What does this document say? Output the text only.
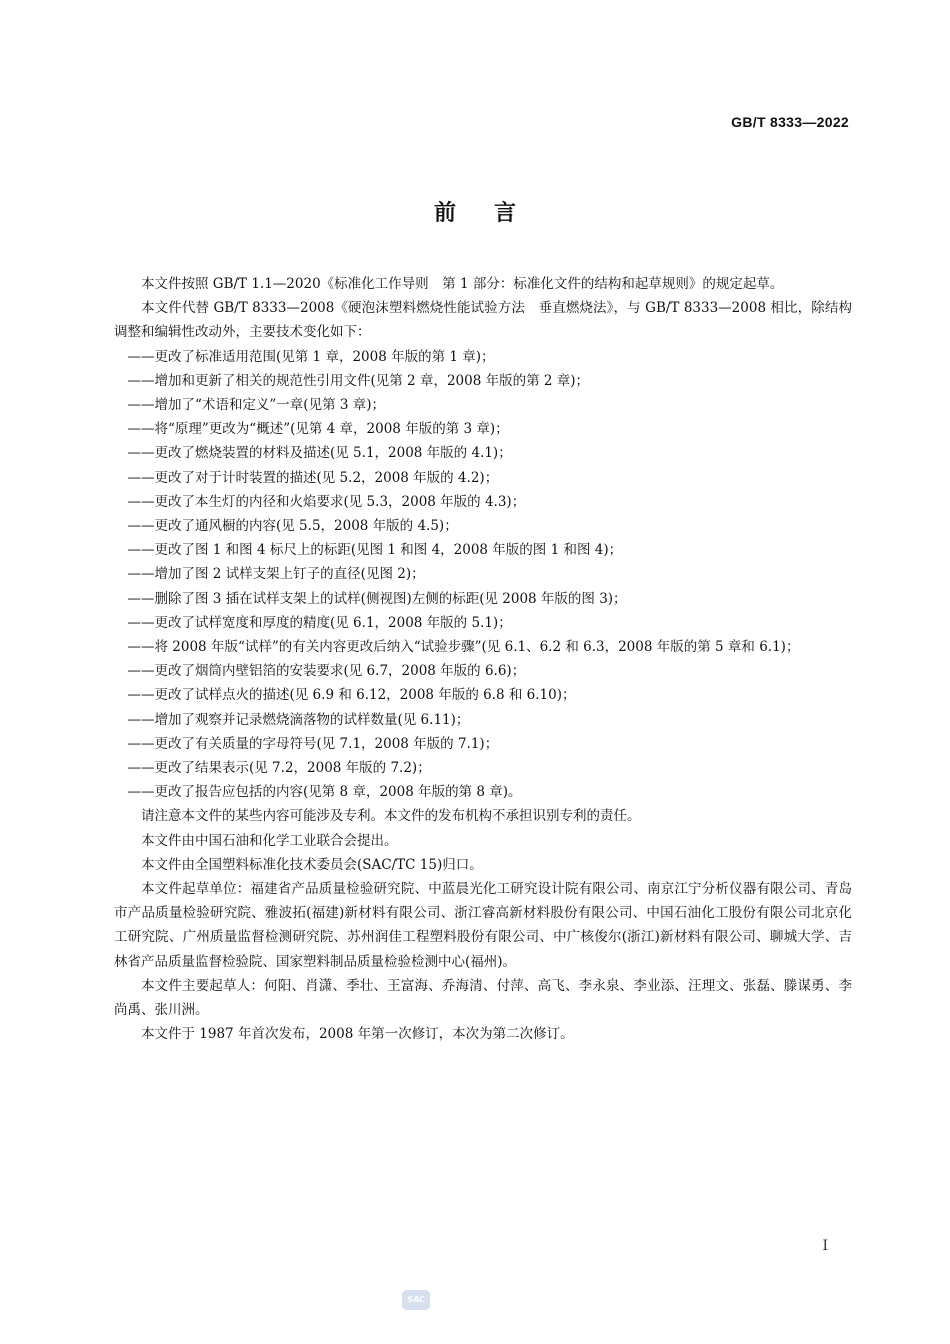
GB/T 8333—2022
前言

本文件按照 GB/T 1.1—2020《标准化工作导则　第 1 部分：标准化文件的结构和起草规则》的规定起草。

本文件代替 GB/T 8333—2008《硬泡沫塑料燃烧性能试验方法　垂直燃烧法》，与 GB/T 8333—2008 相比，除结构调整和编辑性改动外，主要技术变化如下：

——更改了标准适用范围(见第 1 章，2008 年版的第 1 章)；

——增加和更新了相关的规范性引用文件(见第 2 章，2008 年版的第 2 章)；

——增加了“术语和定义”一章(见第 3 章)；

——将“原理”更改为“概述”(见第 4 章，2008 年版的第 3 章)；

——更改了燃烧装置的材料及描述(见 5.1，2008 年版的 4.1)；

——更改了对于计时装置的描述(见 5.2，2008 年版的 4.2)；

——更改了本生灯的内径和火焰要求(见 5.3，2008 年版的 4.3)；

——更改了通风橱的内容(见 5.5，2008 年版的 4.5)；

——更改了图 1 和图 4 标尺上的标距(见图 1 和图 4，2008 年版的图 1 和图 4)；

——增加了图 2 试样支架上钉子的直径(见图 2)；

——删除了图 3 插在试样支架上的试样(侧视图)左侧的标距(见 2008 年版的图 3)；

——更改了试样宽度和厚度的精度(见 6.1，2008 年版的 5.1)；

——将 2008 年版“试样”的有关内容更改后纳入“试验步骤”(见 6.1、6.2 和 6.3，2008 年版的第 5 章和 6.1)；

——更改了烟筒内壁铝箔的安装要求(见 6.7，2008 年版的 6.6)；

——更改了试样点火的描述(见 6.9 和 6.12，2008 年版的 6.8 和 6.10)；

——增加了观察并记录燃烧滴落物的试样数量(见 6.11)；

——更改了有关质量的字母符号(见 7.1，2008 年版的 7.1)；

——更改了结果表示(见 7.2，2008 年版的 7.2)；

——更改了报告应包括的内容(见第 8 章，2008 年版的第 8 章)。

请注意本文件的某些内容可能涉及专利。本文件的发布机构不承担识别专利的责任。

本文件由中国石油和化学工业联合会提出。

本文件由全国塑料标准化技术委员会(SAC/TC 15)归口。

本文件起草单位：福建省产品质量检验研究院、中蓝晨光化工研究设计院有限公司、南京江宁分析仪器有限公司、青岛市产品质量检验研究院、雅波拓(福建)新材料有限公司、浙江睿高新材料股份有限公司、中国石油化工股份有限公司北京化工研究院、广州质量监督检测研究院、苏州润佳工程塑料股份有限公司、中广核俊尔(浙江)新材料有限公司、聊城大学、吉林省产品质量监督检验院、国家塑料制品质量检验检测中心(福州)。

本文件主要起草人：何阳、肖潇、季壮、王富海、乔海清、付萍、高飞、李永泉、李业添、汪理文、张磊、滕谋勇、李尚禹、张川洲。

本文件于 1987 年首次发布，2008 年第一次修订，本次为第二次修订。

I
SAC
